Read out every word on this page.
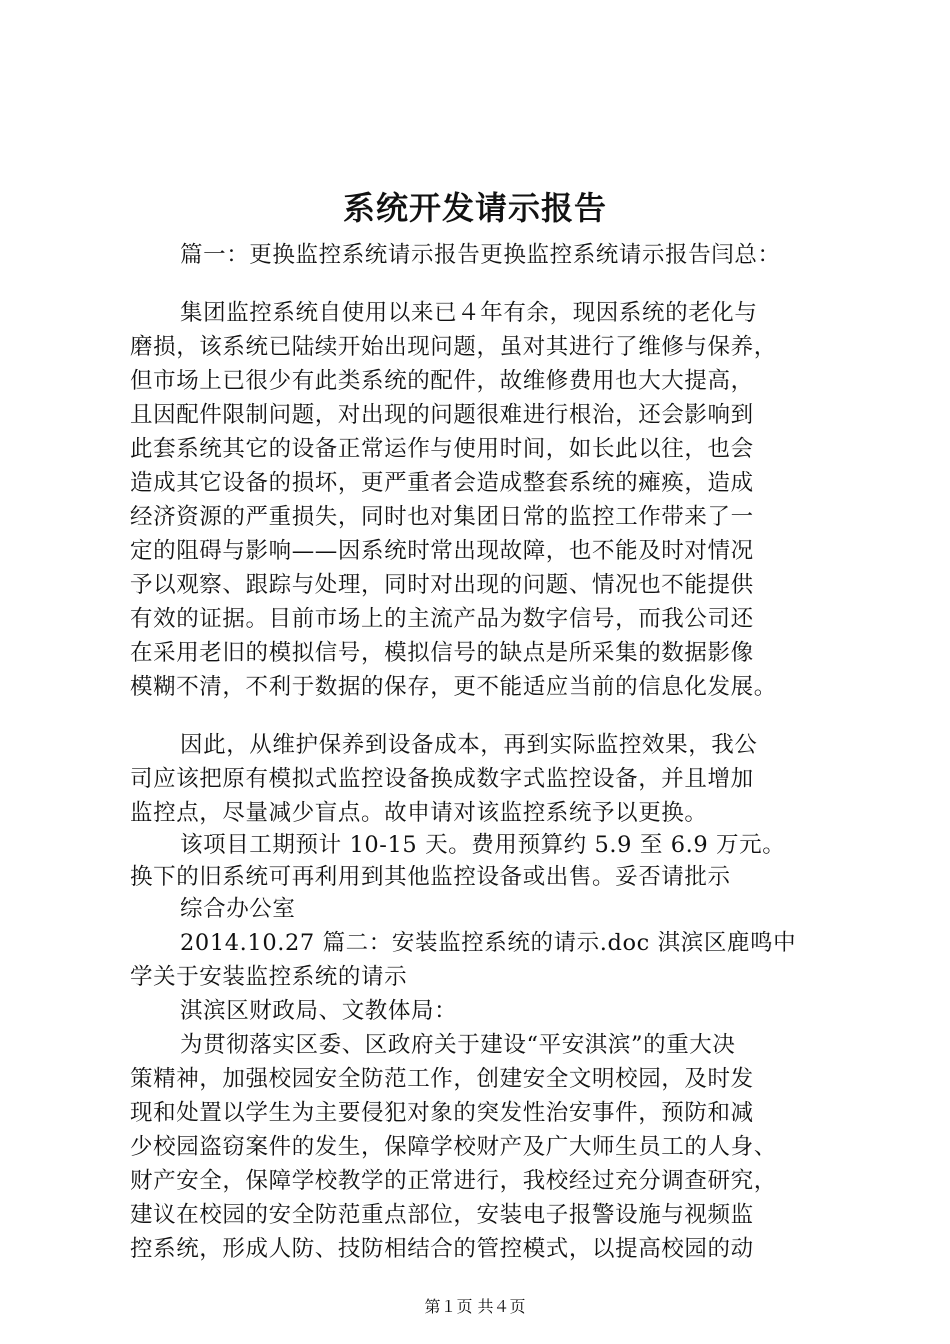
系统开发请示报告
篇一：更换监控系统请示报告更换监控系统请示报告闫总：
集团监控系统自使用以来已４年有余，现因系统的老化与
磨损，该系统已陆续开始出现问题，虽对其进行了维修与保养，
但市场上已很少有此类系统的配件，故维修费用也大大提高，
且因配件限制问题，对出现的问题很难进行根治，还会影响到
此套系统其它的设备正常运作与使用时间，如长此以往，也会
造成其它设备的损坏，更严重者会造成整套系统的瘫痪，造成
经济资源的严重损失，同时也对集团日常的监控工作带来了一
定的阻碍与影响——因系统时常出现故障，也不能及时对情况
予以观察、跟踪与处理，同时对出现的问题、情况也不能提供
有效的证据。目前市场上的主流产品为数字信号，而我公司还
在采用老旧的模拟信号，模拟信号的缺点是所采集的数据影像
模糊不清，不利于数据的保存，更不能适应当前的信息化发展。
因此，从维护保养到设备成本，再到实际监控效果，我公
司应该把原有模拟式监控设备换成数字式监控设备，并且增加
监控点，尽量减少盲点。故申请对该监控系统予以更换。
该项目工期预计 10-15 天。费用预算约 5.9 至 6.9 万元。
换下的旧系统可再利用到其他监控设备或出售。妥否请批示
综合办公室
2014.10.27 篇二：安装监控系统的请示.doc 淇滨区鹿鸣中
学关于安装监控系统的请示
淇滨区财政局、文教体局：
为贯彻落实区委、区政府关于建设“平安淇滨”的重大决
策精神，加强校园安全防范工作，创建安全文明校园，及时发
现和处置以学生为主要侵犯对象的突发性治安事件，预防和减
少校园盗窃案件的发生，保障学校财产及广大师生员工的人身、
财产安全，保障学校教学的正常进行，我校经过充分调查研究，
建议在校园的安全防范重点部位，安装电子报警设施与视频监
控系统，形成人防、技防相结合的管控模式，以提高校园的动
第１页 共４页
